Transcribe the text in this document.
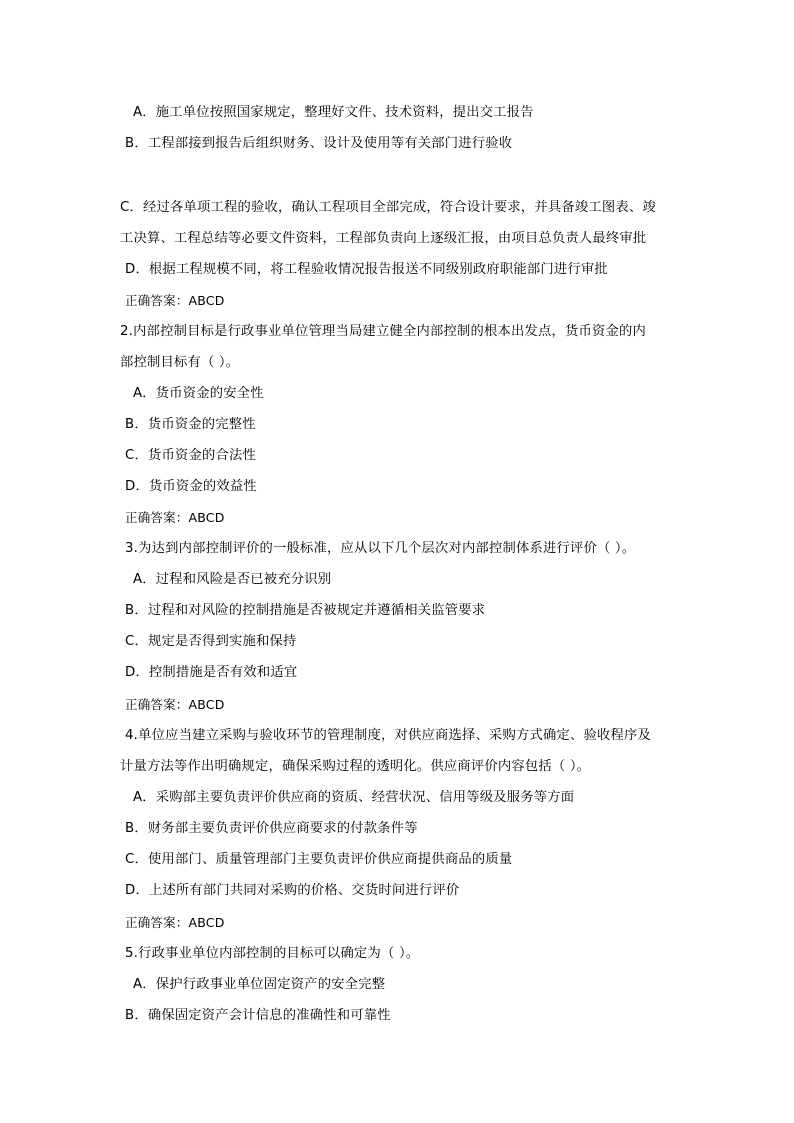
A．施工单位按照国家规定，整理好文件、技术资料，提出交工报告
B．工程部接到报告后组织财务、设计及使用等有关部门进行验收
C．经过各单项工程的验收，确认工程项目全部完成，符合设计要求，并具备竣工图表、竣
工决算、工程总结等必要文件资料，工程部负责向上逐级汇报，由项目总负责人最终审批
D．根据工程规模不同，将工程验收情况报告报送不同级别政府职能部门进行审批
正确答案：ABCD
2.内部控制目标是行政事业单位管理当局建立健全内部控制的根本出发点，货币资金的内
部控制目标有（ ）。
A．货币资金的安全性
B．货币资金的完整性
C．货币资金的合法性
D．货币资金的效益性
正确答案：ABCD
3.为达到内部控制评价的一般标准，应从以下几个层次对内部控制体系进行评价（ ）。
A．过程和风险是否已被充分识别
B．过程和对风险的控制措施是否被规定并遵循相关监管要求
C．规定是否得到实施和保持
D．控制措施是否有效和适宜
正确答案：ABCD
4.单位应当建立采购与验收环节的管理制度，对供应商选择、采购方式确定、验收程序及
计量方法等作出明确规定，确保采购过程的透明化。供应商评价内容包括（ ）。
A．采购部主要负责评价供应商的资质、经营状况、信用等级及服务等方面
B．财务部主要负责评价供应商要求的付款条件等
C．使用部门、质量管理部门主要负责评价供应商提供商品的质量
D．上述所有部门共同对采购的价格、交货时间进行评价
正确答案：ABCD
5.行政事业单位内部控制的目标可以确定为（ ）。
A．保护行政事业单位固定资产的安全完整
B．确保固定资产会计信息的准确性和可靠性
